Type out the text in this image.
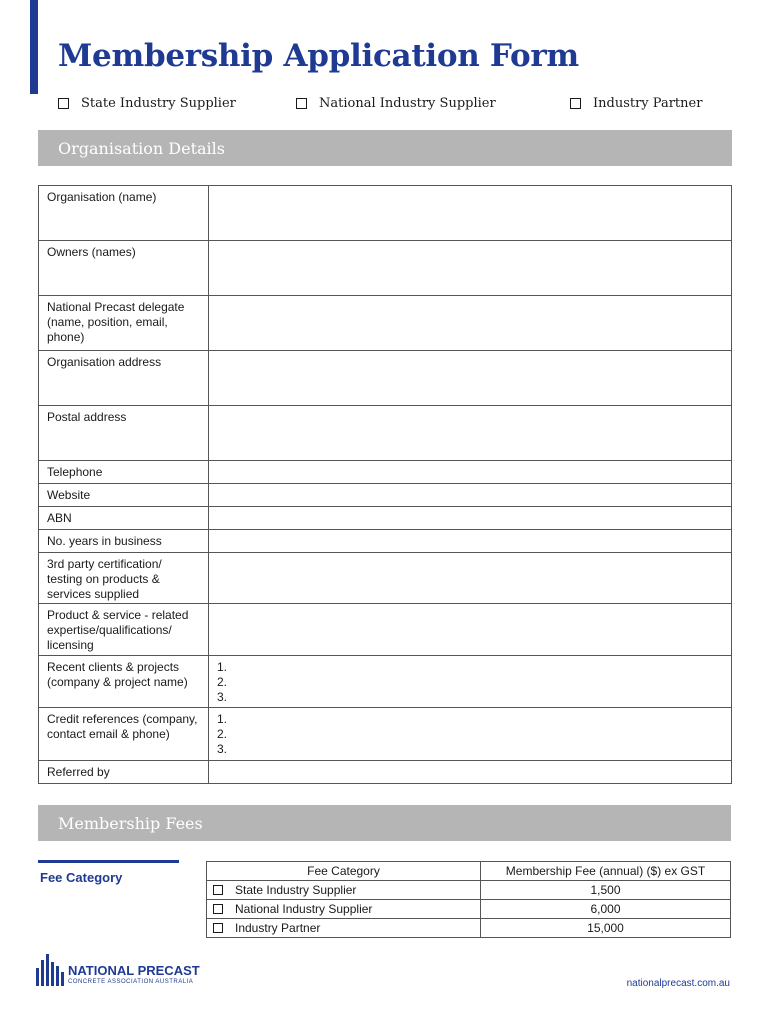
Membership Application Form
State Industry Supplier	National Industry Supplier	Industry Partner
Organisation Details
Organisation (name)	
Owners (names)	
National Precast delegate (name, position, email, phone)	
Organisation address	
Postal address	
Telephone	
Website	
ABN	
No. years in business	
3rd party certification/ testing on products & services supplied	
Product & service - related expertise/qualifications/ licensing	
Recent clients & projects (company & project name)	1.
2.
3.

Credit references (company, contact email & phone)	1.
2.
3.

Referred by	
Membership Fees
Fee Category	Fee Category	Membership Fee (annual) ($) ex GST

State Industry Supplier	1,500

National Industry Supplier	6,000

Industry Partner	15,000
NATIONAL PRECAST
CONCRETE ASSOCIATION AUSTRALIA	nationalprecast.com.au
